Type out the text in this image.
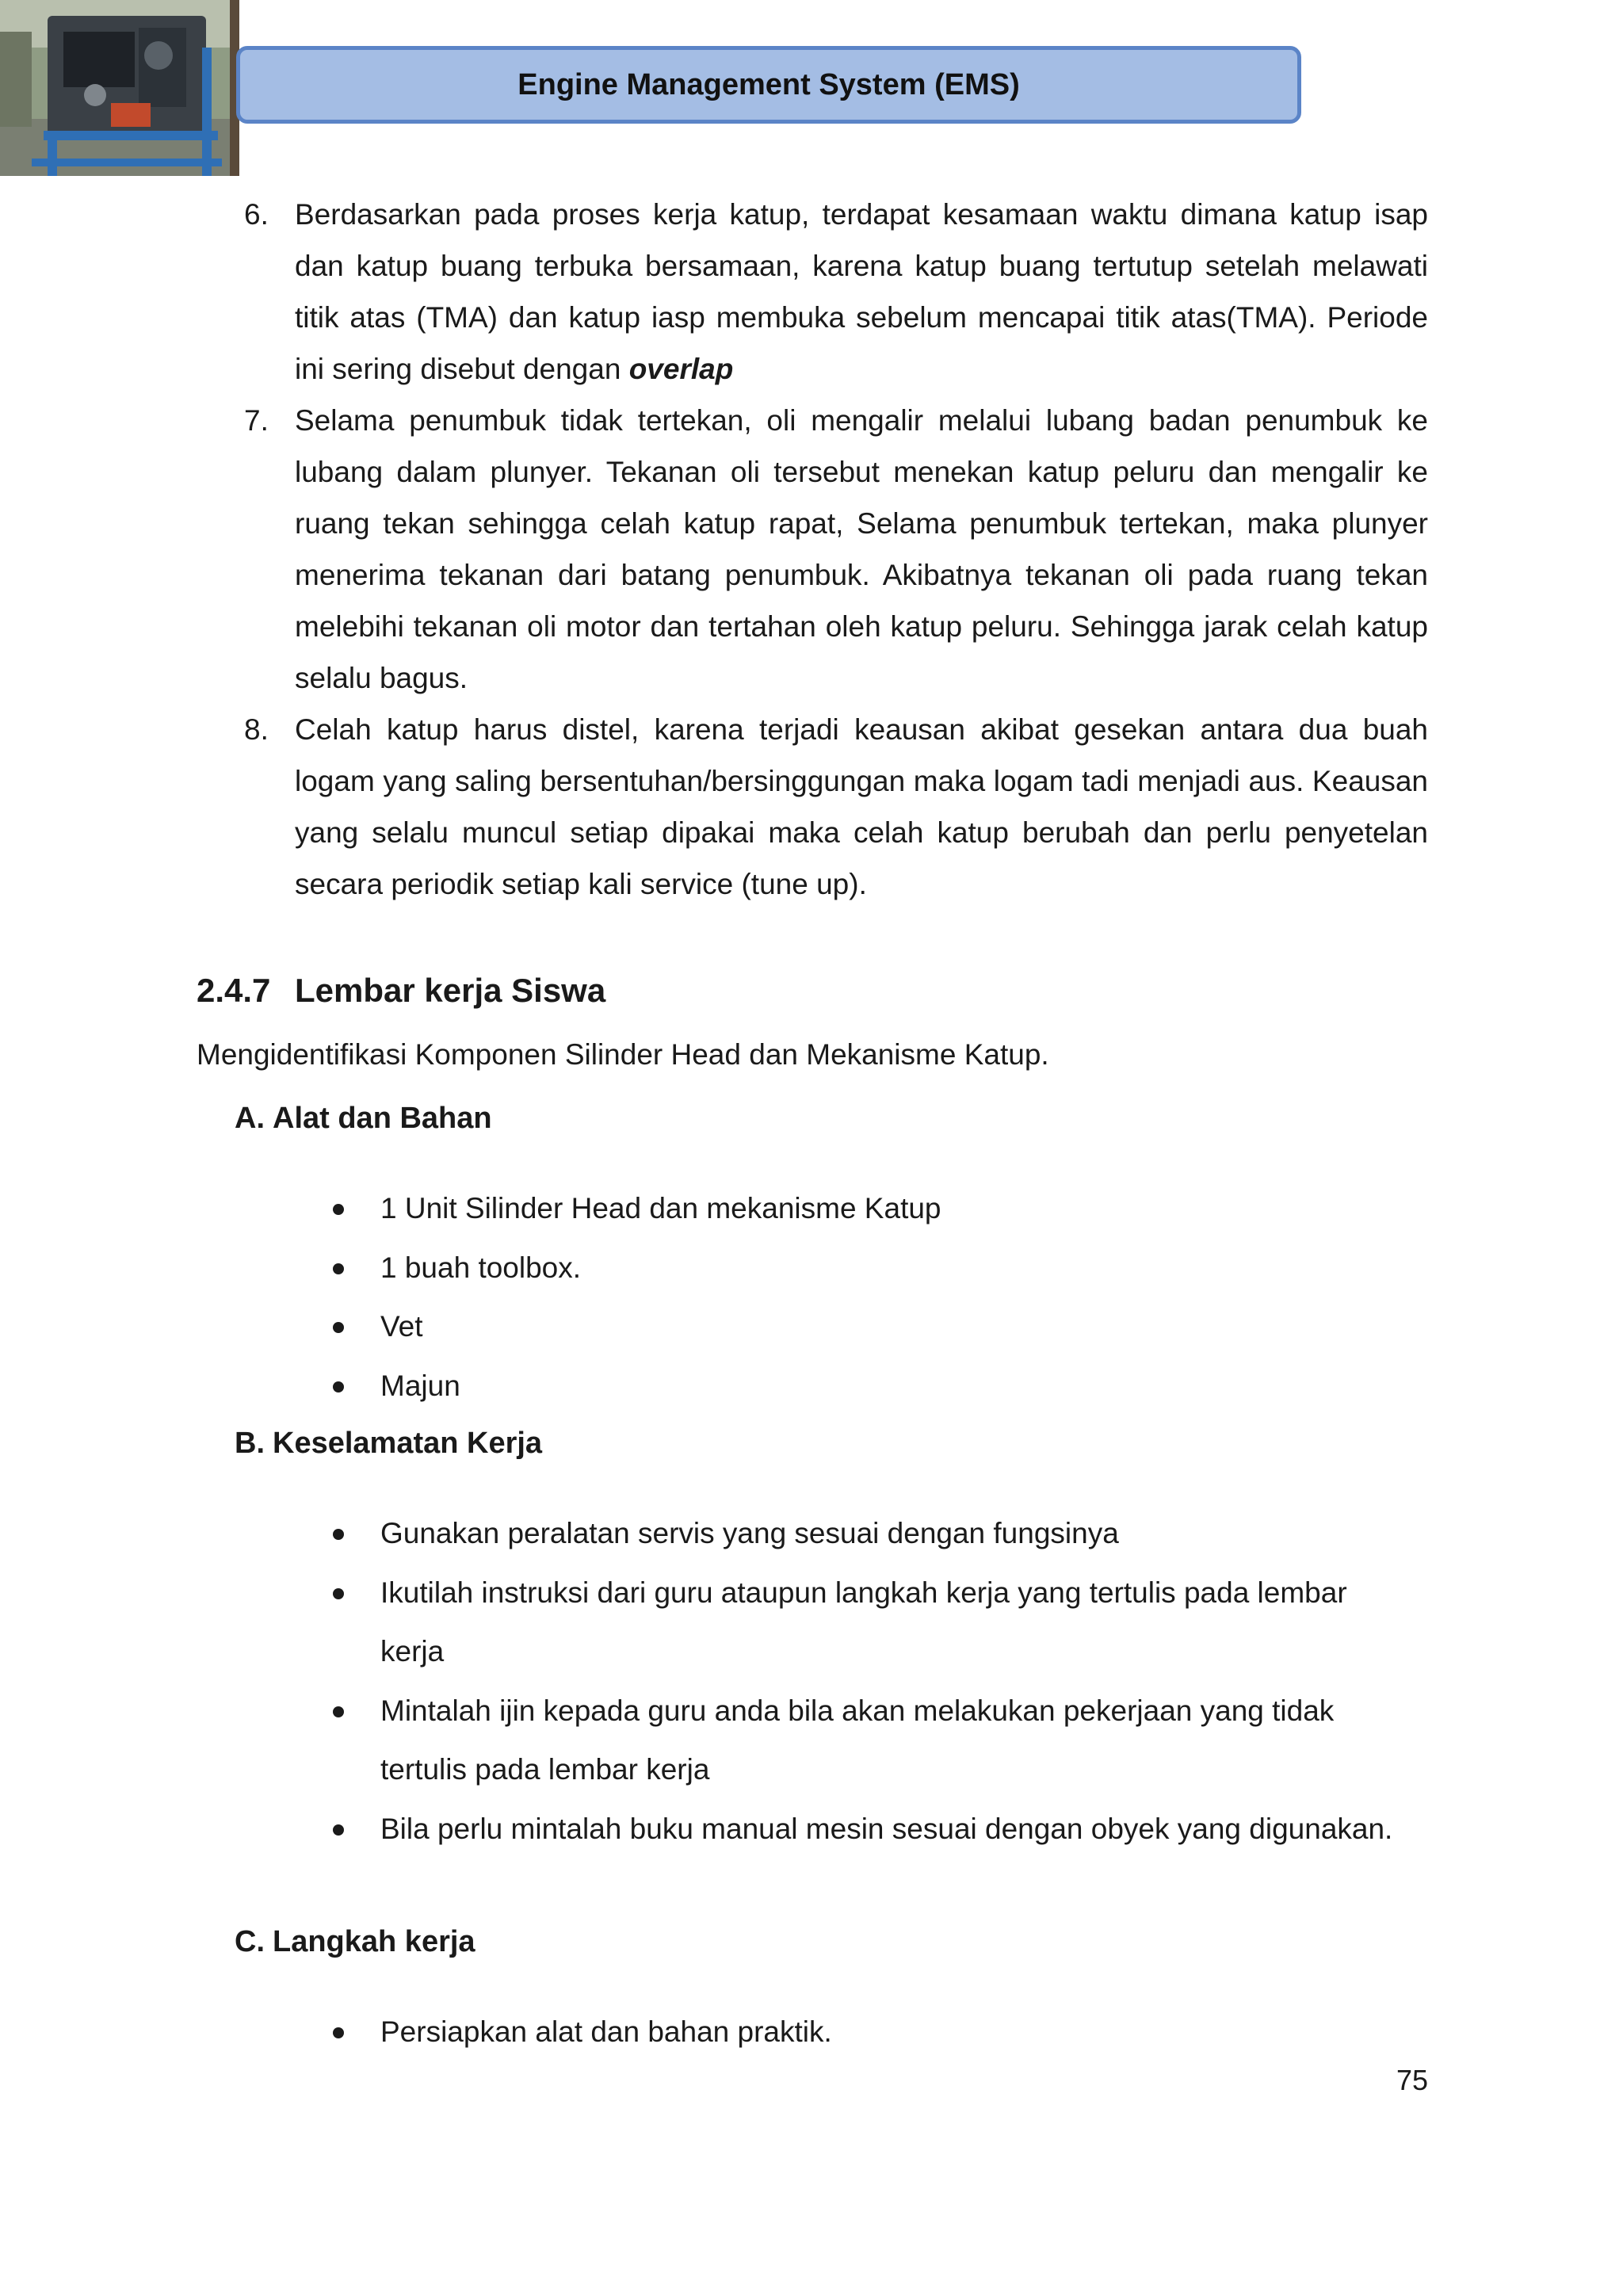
Engine Management System (EMS)
6. Berdasarkan pada proses kerja katup, terdapat kesamaan waktu dimana katup isap dan katup buang terbuka bersamaan, karena katup buang tertutup setelah melawati titik atas (TMA) dan katup iasp membuka sebelum mencapai titik atas(TMA). Periode ini sering disebut dengan overlap
7. Selama penumbuk tidak tertekan, oli mengalir melalui lubang badan penumbuk ke lubang dalam plunyer. Tekanan oli tersebut menekan katup peluru dan mengalir ke ruang tekan sehingga celah katup rapat, Selama penumbuk tertekan, maka plunyer menerima tekanan dari batang penumbuk. Akibatnya tekanan oli pada ruang tekan melebihi tekanan oli motor dan tertahan oleh katup peluru. Sehingga jarak celah katup selalu bagus.
8. Celah katup harus distel, karena terjadi keausan akibat gesekan antara dua buah logam yang saling bersentuhan/bersinggungan maka logam tadi menjadi aus. Keausan yang selalu muncul setiap dipakai maka celah katup berubah dan perlu penyetelan secara periodik setiap kali service (tune up).
2.4.7 Lembar kerja Siswa
Mengidentifikasi Komponen Silinder Head dan Mekanisme Katup.
A. Alat dan Bahan
1 Unit Silinder Head dan mekanisme Katup
1 buah toolbox.
Vet
Majun
B. Keselamatan Kerja
Gunakan peralatan servis yang sesuai dengan fungsinya
Ikutilah instruksi dari guru ataupun langkah kerja yang tertulis pada lembar kerja
Mintalah ijin kepada guru anda bila akan melakukan pekerjaan yang tidak tertulis pada lembar kerja
Bila perlu mintalah buku manual mesin sesuai dengan obyek yang digunakan.
C. Langkah kerja
Persiapkan alat dan bahan praktik.
75
